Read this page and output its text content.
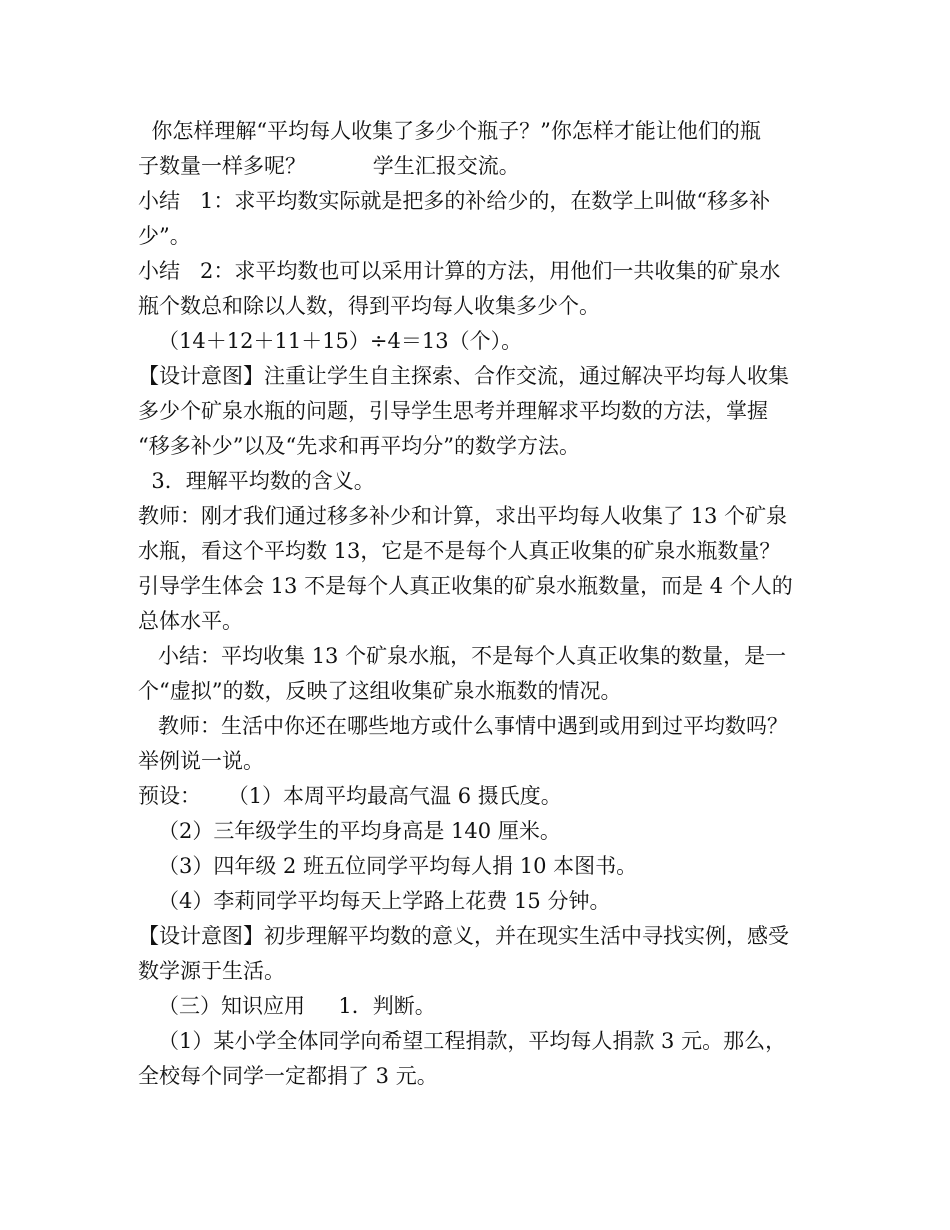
你怎样理解“平均每人收集了多少个瓶子？”你怎样才能让他们的瓶
子数量一样多呢？          学生汇报交流。
小结   1：求平均数实际就是把多的补给少的，在数学上叫做“移多补
少”。
小结   2：求平均数也可以采用计算的方法，用他们一共收集的矿泉水
瓶个数总和除以人数，得到平均每人收集多少个。
（14＋12＋11＋15）÷4＝13（个）。
【设计意图】注重让学生自主探索、合作交流，通过解决平均每人收集
多少个矿泉水瓶的问题，引导学生思考并理解求平均数的方法，掌握
“移多补少”以及“先求和再平均分”的数学方法。
3．理解平均数的含义。
教师：刚才我们通过移多补少和计算，求出平均每人收集了 13 个矿泉
水瓶，看这个平均数 13，它是不是每个人真正收集的矿泉水瓶数量？
引导学生体会 13 不是每个人真正收集的矿泉水瓶数量，而是 4 个人的
总体水平。
小结：平均收集 13 个矿泉水瓶，不是每个人真正收集的数量，是一
个“虚拟”的数，反映了这组收集矿泉水瓶数的情况。
教师：生活中你还在哪些地方或什么事情中遇到或用到过平均数吗？
举例说一说。
预设：    （1）本周平均最高气温 6 摄氏度。
（2）三年级学生的平均身高是 140 厘米。
（3）四年级 2 班五位同学平均每人捐 10 本图书。
（4）李莉同学平均每天上学路上花费 15 分钟。
【设计意图】初步理解平均数的意义，并在现实生活中寻找实例，感受
数学源于生活。
（三）知识应用     1．判断。
（1）某小学全体同学向希望工程捐款，平均每人捐款 3 元。那么，
全校每个同学一定都捐了 3 元。
